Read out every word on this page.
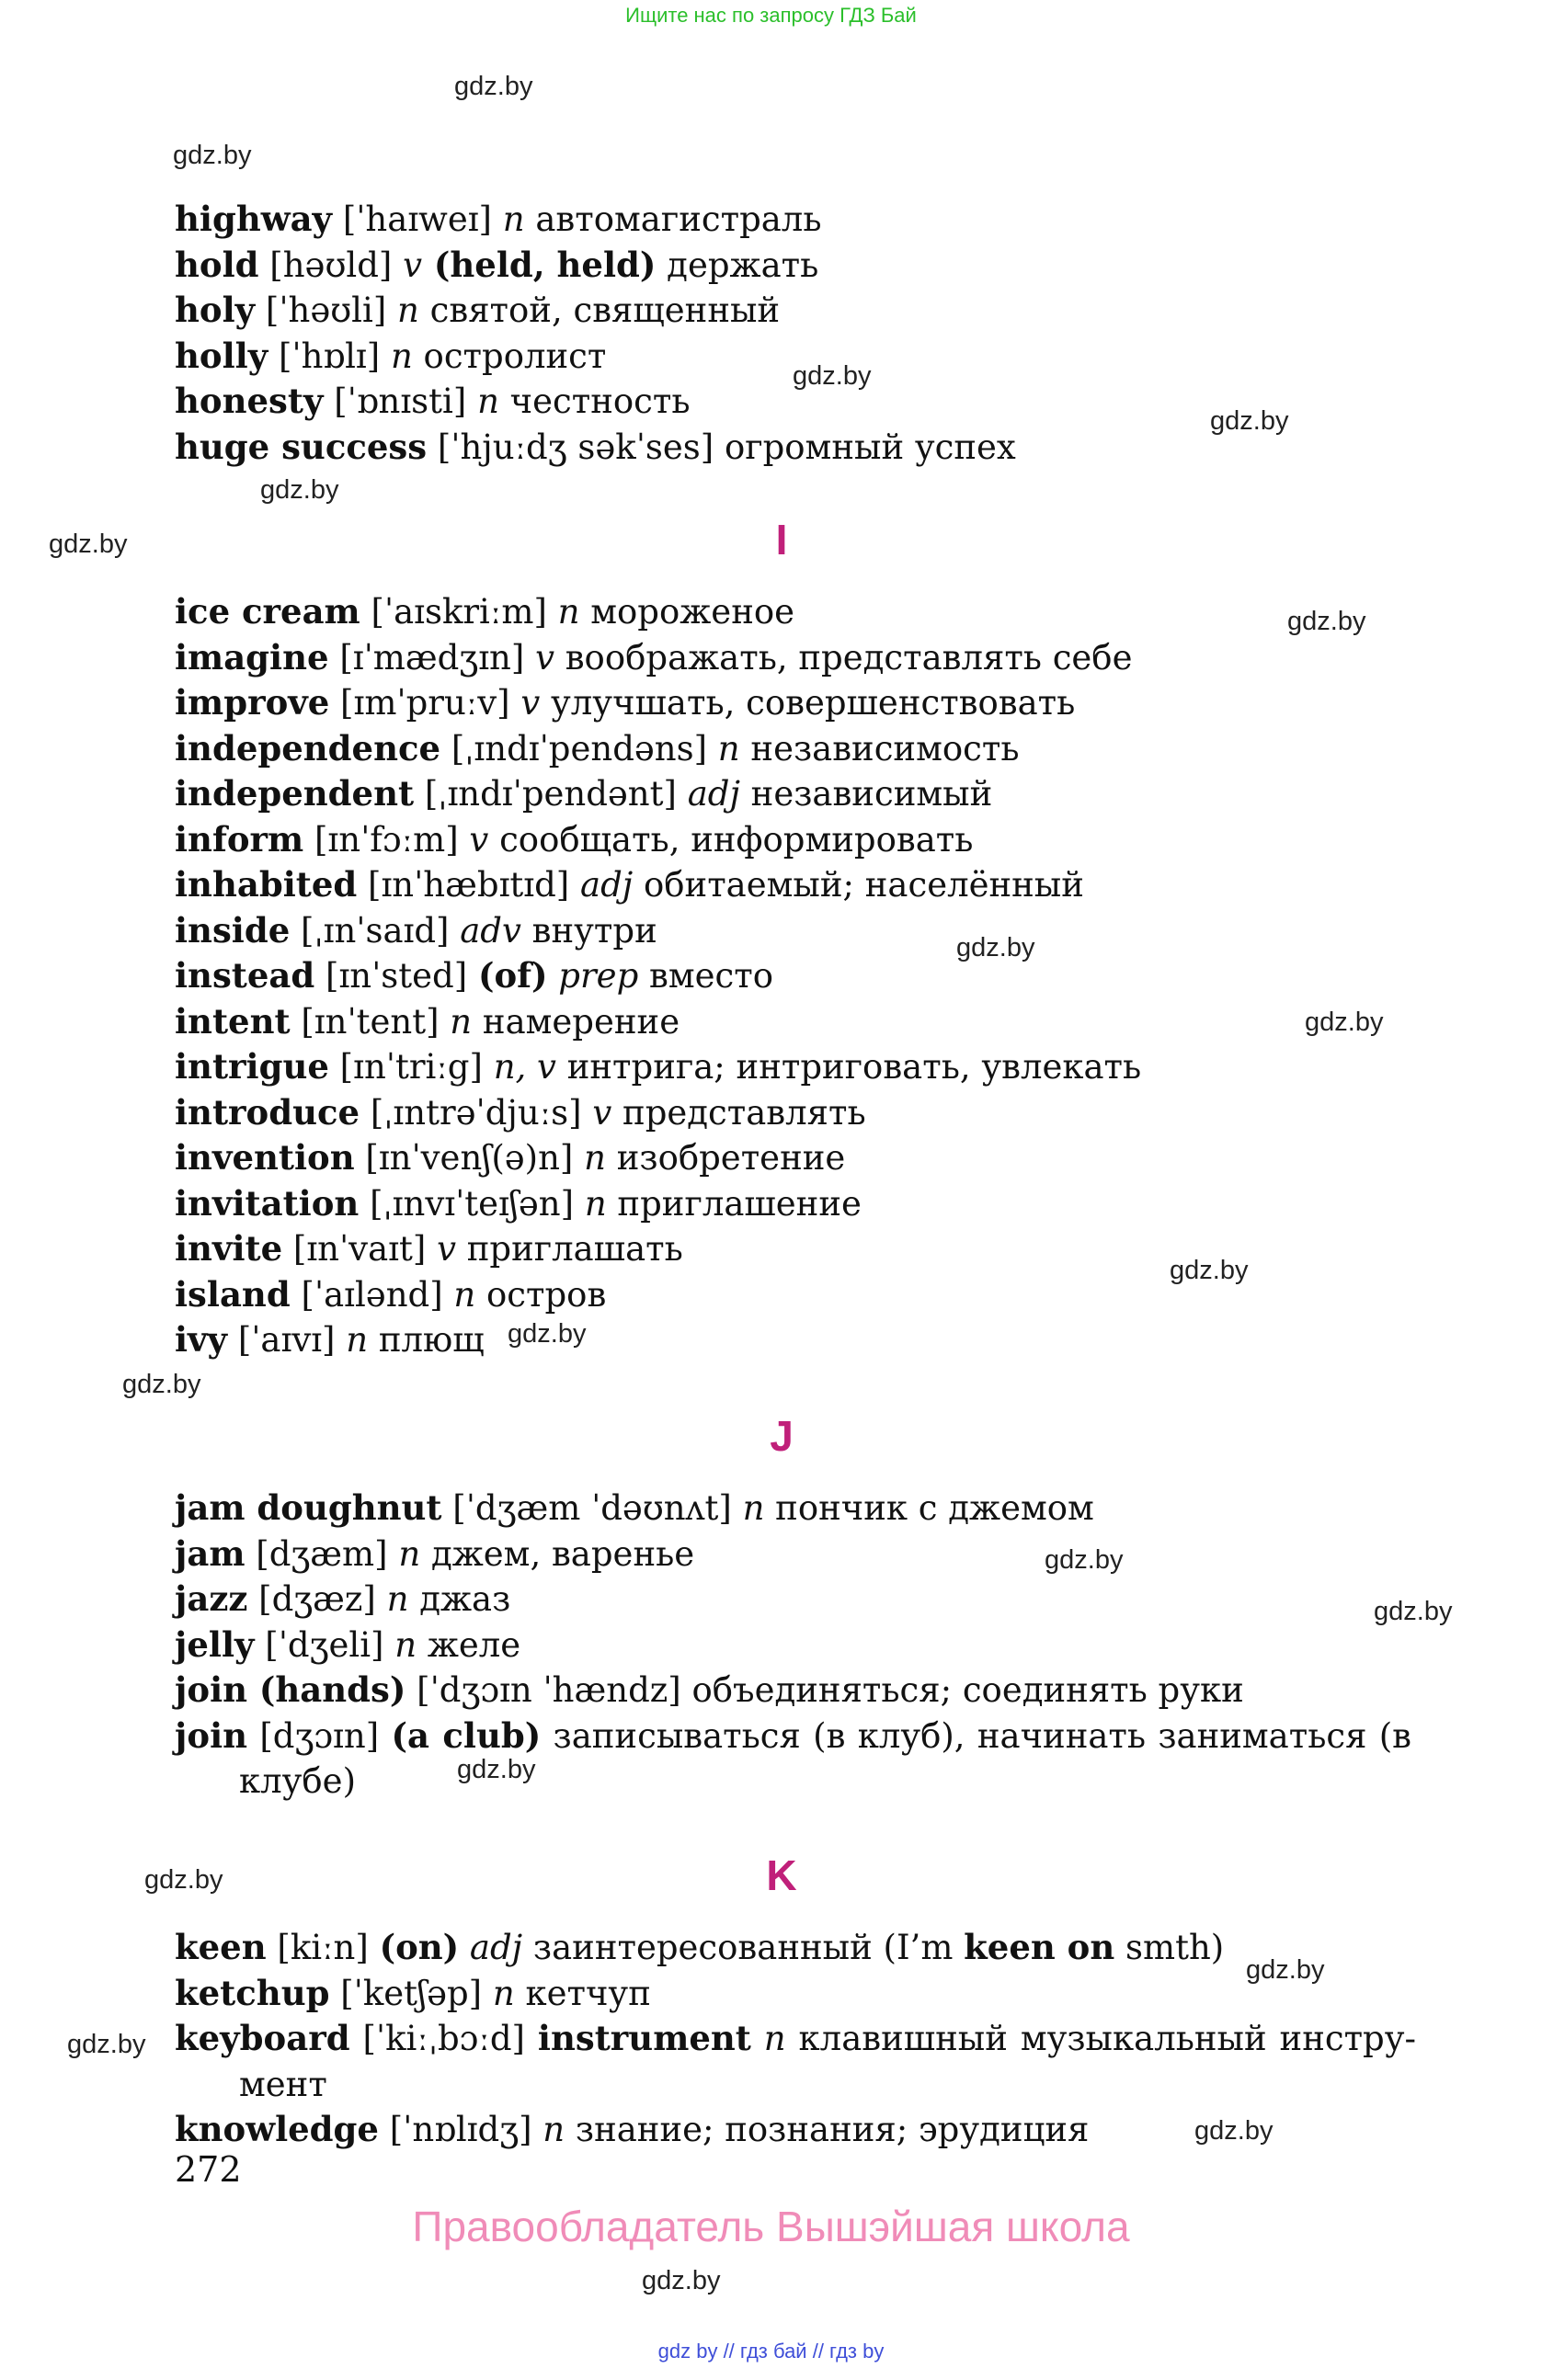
Ищите нас по запросу ГДЗ Бай
gdz.by
gdz.by
gdz.by
gdz.by
gdz.by
gdz.by
gdz.by
gdz.by
gdz.by
gdz.by
gdz.by
gdz.by
gdz.by
gdz.by
gdz.by
gdz.by
gdz.by
gdz.by
gdz.by
gdz.by
highway [ˈhaɪweɪ] n автомагистраль
hold [həʊld] v (held, held) держать
holy [ˈhəʊli] n святой, священный
holly [ˈhɒlɪ] n остролист
honesty [ˈɒnɪsti] n честность
huge success [ˈhjuːdʒ səkˈses] огромный успех
I
ice cream [ˈaɪskriːm] n мороженое
imagine [ɪˈmædʒɪn] v воображать, представлять себе
improve [ɪmˈpruːv] v улучшать, совершенствовать
independence [ˌɪndɪˈpendəns] n независимость
independent [ˌɪndɪˈpendənt] adj независимый
inform [ɪnˈfɔːm] v сообщать, информировать
inhabited [ɪnˈhæbɪtɪd] adj обитаемый; населённый
inside [ˌɪnˈsaɪd] adv внутри
instead [ɪnˈsted] (of) prep вместо
intent [ɪnˈtent] n намерение
intrigue [ɪnˈtriːg] n, v интрига; интриговать, увлекать
introduce [ˌɪntrəˈdjuːs] v представлять
invention [ɪnˈvenʃ(ə)n] n изобретение
invitation [ˌɪnvɪˈteɪʃən] n приглашение
invite [ɪnˈvaɪt] v приглашать
island [ˈaɪlənd] n остров
ivy [ˈaɪvɪ] n плющ
J
jam doughnut [ˈdʒæm ˈdəʊnʌt] n пончик с джемом
jam [dʒæm] n джем, варенье
jazz [dʒæz] n джаз
jelly [ˈdʒeli] n желе
join (hands) [ˈdʒɔɪn ˈhændz] объединяться; соединять руки
join [dʒɔɪn] (a club) записываться (в клуб), начинать заниматься (в клубе)
K
keen [kiːn] (on) adj заинтересованный (I’m keen on smth)
ketchup [ˈketʃəp] n кетчуп
keyboard [ˈkiːˌbɔːd] instrument n клавишный музыкальный инстру-мент
knowledge [ˈnɒlɪdʒ] n знание; познания; эрудиция
272
Правообладатель Вышэйшая школа
gdz by // гдз бай // гдз by
